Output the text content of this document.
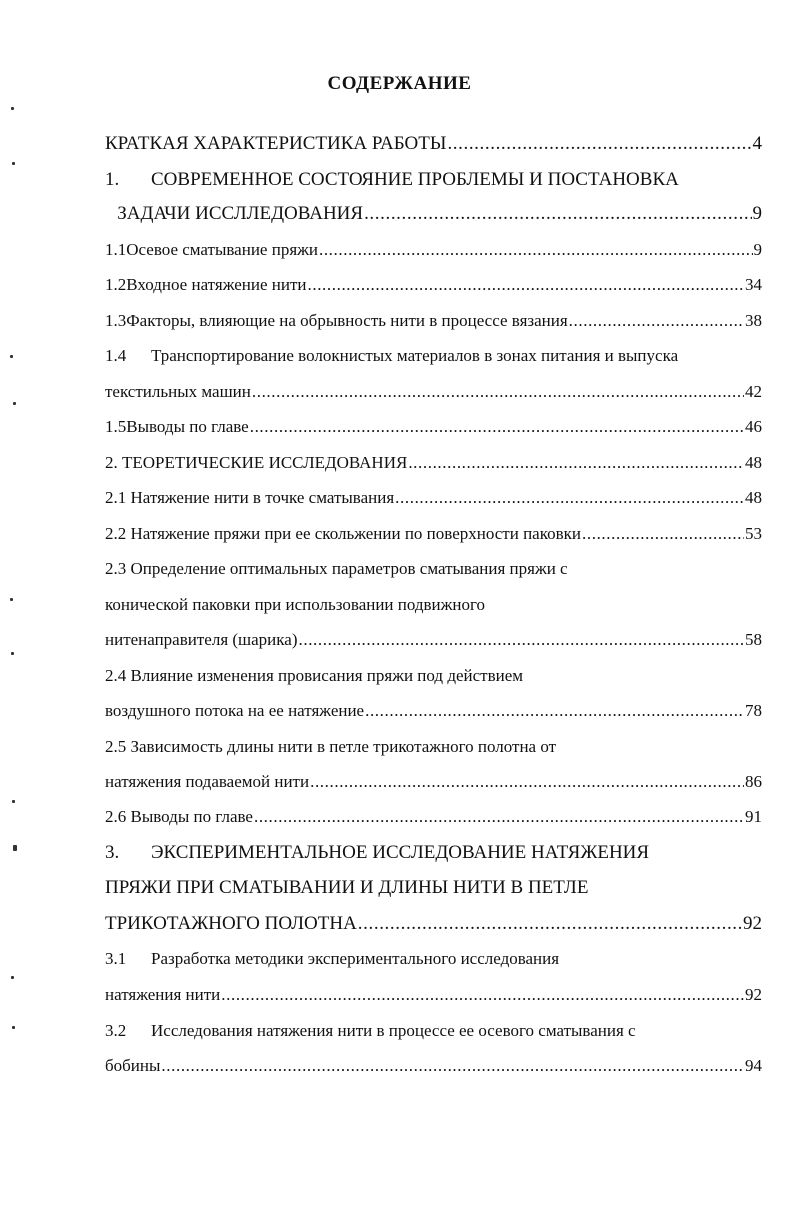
СОДЕРЖАНИЕ
КРАТКАЯ ХАРАКТЕРИСТИКА РАБОТЫ .....	4
1.	СОВРЕМЕННОЕ СОСТОЯНИЕ ПРОБЛЕМЫ И ПОСТАНОВКА
ЗАДАЧИ ИССЛЛЕДОВАНИЯ .....	9
1.1 Осевое сматывание пряжи .....	9
1.2 Входное натяжение нити .....	34
1.3 Факторы, влияющие на обрывность нити в процессе вязания .....	38
1.4	Транспортирование волокнистых материалов в зонах питания и выпуска
текстильных машин .....	42
1.5 Выводы по главе .....	46
2. ТЕОРЕТИЧЕСКИЕ ИССЛЕДОВАНИЯ .....	48
2.1 Натяжение нити в точке сматывания .....	48
2.2 Натяжение пряжи при ее скольжении по поверхности паковки .....	53
2.3 Определение оптимальных параметров сматывания пряжи с
конической паковки при использовании подвижного
нитенаправителя (шарика) .....	58
2.4 Влияние изменения провисания пряжи под действием
воздушного потока на ее натяжение .....	78
2.5 Зависимость длины нити в петле трикотажного полотна от
натяжения подаваемой нити .....	86
2.6 Выводы по главе .....	91
3.	ЭКСПЕРИМЕНТАЛЬНОЕ ИССЛЕДОВАНИЕ НАТЯЖЕНИЯ
ПРЯЖИ ПРИ СМАТЫВАНИИ И ДЛИНЫ НИТИ В ПЕТЛЕ
ТРИКОТАЖНОГО ПОЛОТНА .....	92
3.1	Разработка методики экспериментального исследования
натяжения нити .....	92
3.2	Исследования натяжения нити в процессе ее осевого сматывания с
бобины .....	94
